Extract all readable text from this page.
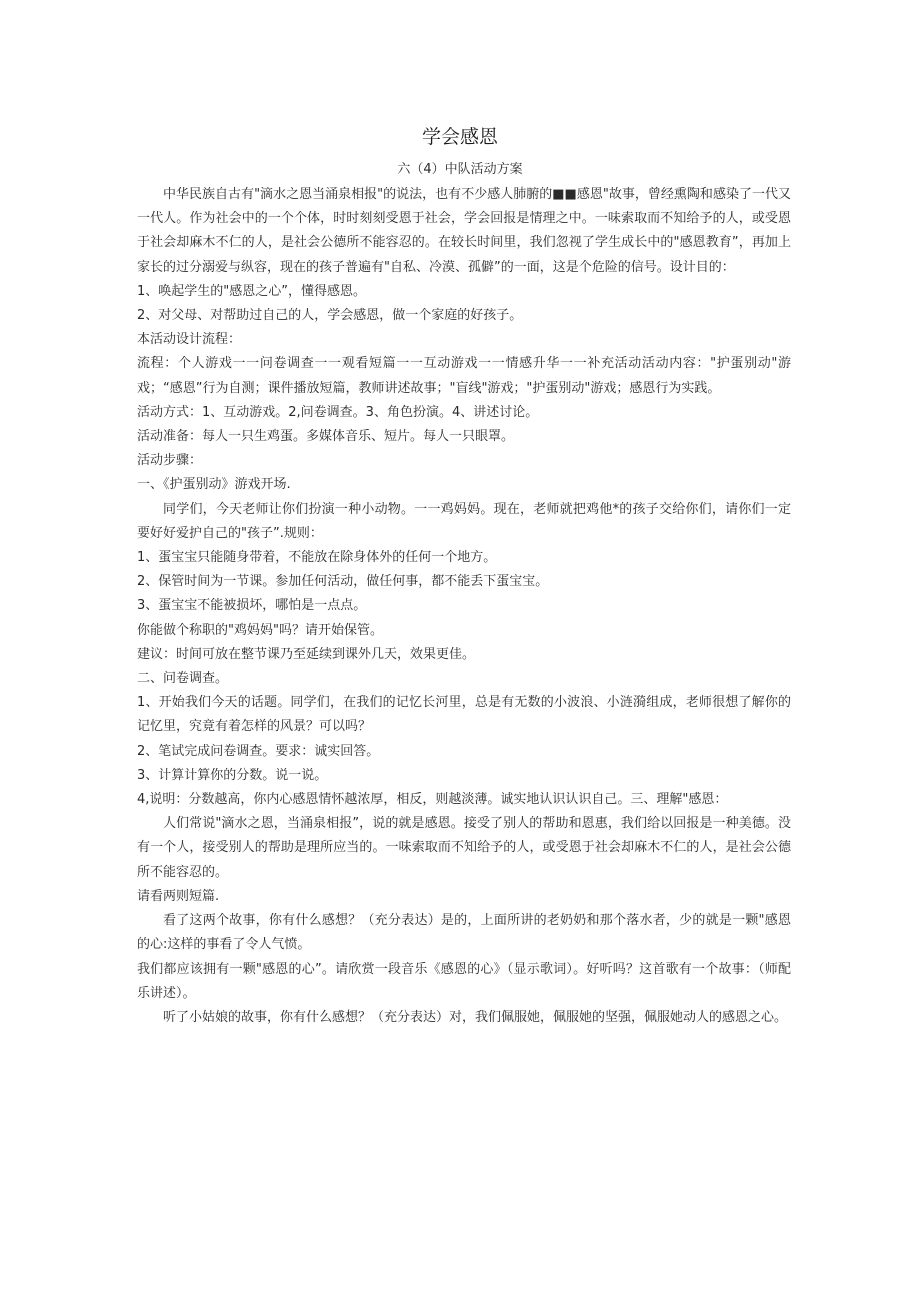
学会感恩
六（4）中队活动方案

中华民族自古有"滴水之恩当涌泉相报"的说法，也有不少感人肺腑的■■感恩"故事，曾经熏陶和感染了一代又一代人。作为社会中的一个个体，时时刻刻受恩于社会，学会回报是情理之中。一味索取而不知给予的人，或受恩于社会却麻木不仁的人，是社会公德所不能容忍的。在较长时间里，我们忽视了学生成长中的"感恩教育”，再加上家长的过分溺爱与纵容，现在的孩子普遍有"自私、冷漠、孤僻”的一面，这是个危险的信号。设计目的：

1、唤起学生的"感恩之心”，懂得感恩。

2、对父母、对帮助过自己的人，学会感恩，做一个家庭的好孩子。

本活动设计流程：

流程：个人游戏一一问卷调查一一观看短篇一一互动游戏一一情感升华一一补充活动活动内容："护蛋别动"游戏；“感恩”行为自测；课件播放短篇，教师讲述故事；"盲线"游戏；"护蛋别动"游戏；感恩行为实践。

活动方式：1、互动游戏。2,问卷调查。3、角色扮演。4、讲述讨论。

活动准备：每人一只生鸡蛋。多媒体音乐、短片。每人一只眼罩。

活动步骤：

一、《护蛋别动》游戏开场.

同学们，今天老师让你们扮演一种小动物。一一鸡妈妈。现在，老师就把鸡他*的孩子交给你们，请你们一定要好好爱护自己的"孩子”.规则：

1、蛋宝宝只能随身带着，不能放在除身体外的任何一个地方。

2、保管时间为一节课。参加任何活动，做任何事，都不能丢下蛋宝宝。

3、蛋宝宝不能被损坏，哪怕是一点点。

你能做个称职的"鸡妈妈"吗？请开始保管。

建议：时间可放在整节课乃至延续到课外几天，效果更佳。

二、问卷调查。

1、开始我们今天的话题。同学们，在我们的记忆长河里，总是有无数的小波浪、小涟漪组成，老师很想了解你的记忆里，究竟有着怎样的风景？可以吗？

2、笔试完成问卷调查。要求：诚实回答。

3、计算计算你的分数。说一说。

4,说明：分数越高，你内心感恩情怀越浓厚，相反，则越淡薄。诚实地认识认识自己。三、理解"感恩：

人们常说"滴水之恩，当涌泉相报”，说的就是感恩。接受了别人的帮助和恩惠，我们给以回报是一种美德。没有一个人，接受别人的帮助是理所应当的。一味索取而不知给予的人，或受恩于社会却麻木不仁的人，是社会公德所不能容忍的。

请看两则短篇.

看了这两个故事，你有什么感想？（充分表达）是的，上面所讲的老奶奶和那个落水者，少的就是一颗"感恩的心:这样的事看了令人气愤。

我们都应该拥有一颗"感恩的心”。请欣赏一段音乐《感恩的心》（显示歌词）。好听吗？这首歌有一个故事：（师配乐讲述）。

听了小姑娘的故事，你有什么感想？（充分表达）对，我们佩服她，佩服她的坚强，佩服她动人的感恩之心。
